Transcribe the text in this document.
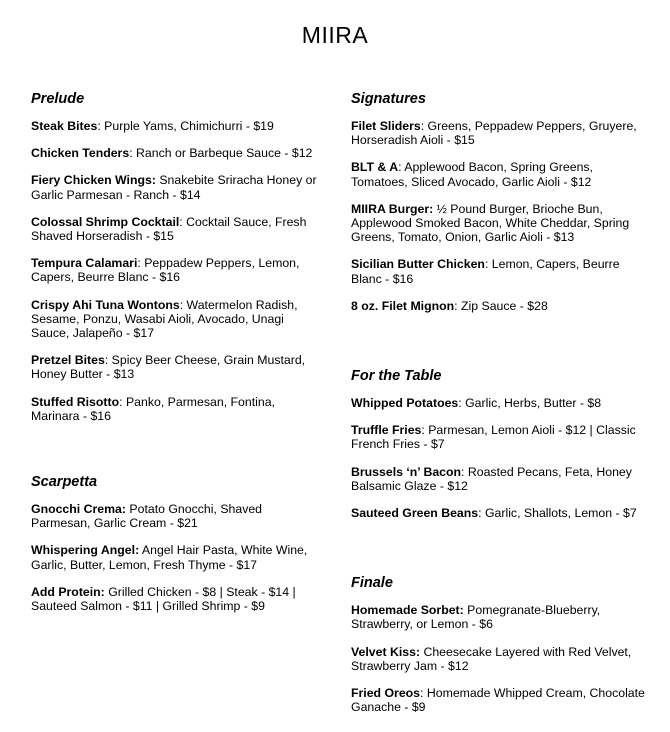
MIIRA
Prelude

Steak Bites: Purple Yams, Chimichurri - $19

Chicken Tenders: Ranch or Barbeque Sauce - $12

Fiery Chicken Wings: Snakebite Sriracha Honey or Garlic Parmesan - Ranch - $14

Colossal Shrimp Cocktail: Cocktail Sauce, Fresh Shaved Horseradish - $15

Tempura Calamari: Peppadew Peppers, Lemon, Capers, Beurre Blanc - $16

Crispy Ahi Tuna Wontons: Watermelon Radish, Sesame, Ponzu, Wasabi Aioli, Avocado, Unagi Sauce, Jalapeño - $17

Pretzel Bites: Spicy Beer Cheese, Grain Mustard, Honey Butter - $13

Stuffed Risotto: Panko, Parmesan, Fontina, Marinara - $16

Scarpetta

Gnocchi Crema: Potato Gnocchi, Shaved Parmesan, Garlic Cream - $21

Whispering Angel: Angel Hair Pasta, White Wine, Garlic, Butter, Lemon, Fresh Thyme - $17

Add Protein: Grilled Chicken - $8 | Steak - $14 | Sauteed Salmon - $11 | Grilled Shrimp - $9

Signatures

Filet Sliders: Greens, Peppadew Peppers, Gruyere, Horseradish Aioli - $15

BLT & A: Applewood Bacon, Spring Greens, Tomatoes, Sliced Avocado, Garlic Aioli - $12

MIIRA Burger: ½ Pound Burger, Brioche Bun, Applewood Smoked Bacon, White Cheddar, Spring Greens, Tomato, Onion, Garlic Aioli - $13

Sicilian Butter Chicken: Lemon, Capers, Beurre Blanc - $16

8 oz. Filet Mignon: Zip Sauce - $28

For the Table

Whipped Potatoes: Garlic, Herbs, Butter - $8

Truffle Fries: Parmesan, Lemon Aioli - $12 | Classic French Fries - $7

Brussels ‘n’ Bacon: Roasted Pecans, Feta, Honey Balsamic Glaze - $12

Sauteed Green Beans: Garlic, Shallots, Lemon - $7

Finale

Homemade Sorbet: Pomegranate-Blueberry, Strawberry, or Lemon - $6

Velvet Kiss: Cheesecake Layered with Red Velvet, Strawberry Jam - $12

Fried Oreos: Homemade Whipped Cream, Chocolate Ganache - $9
